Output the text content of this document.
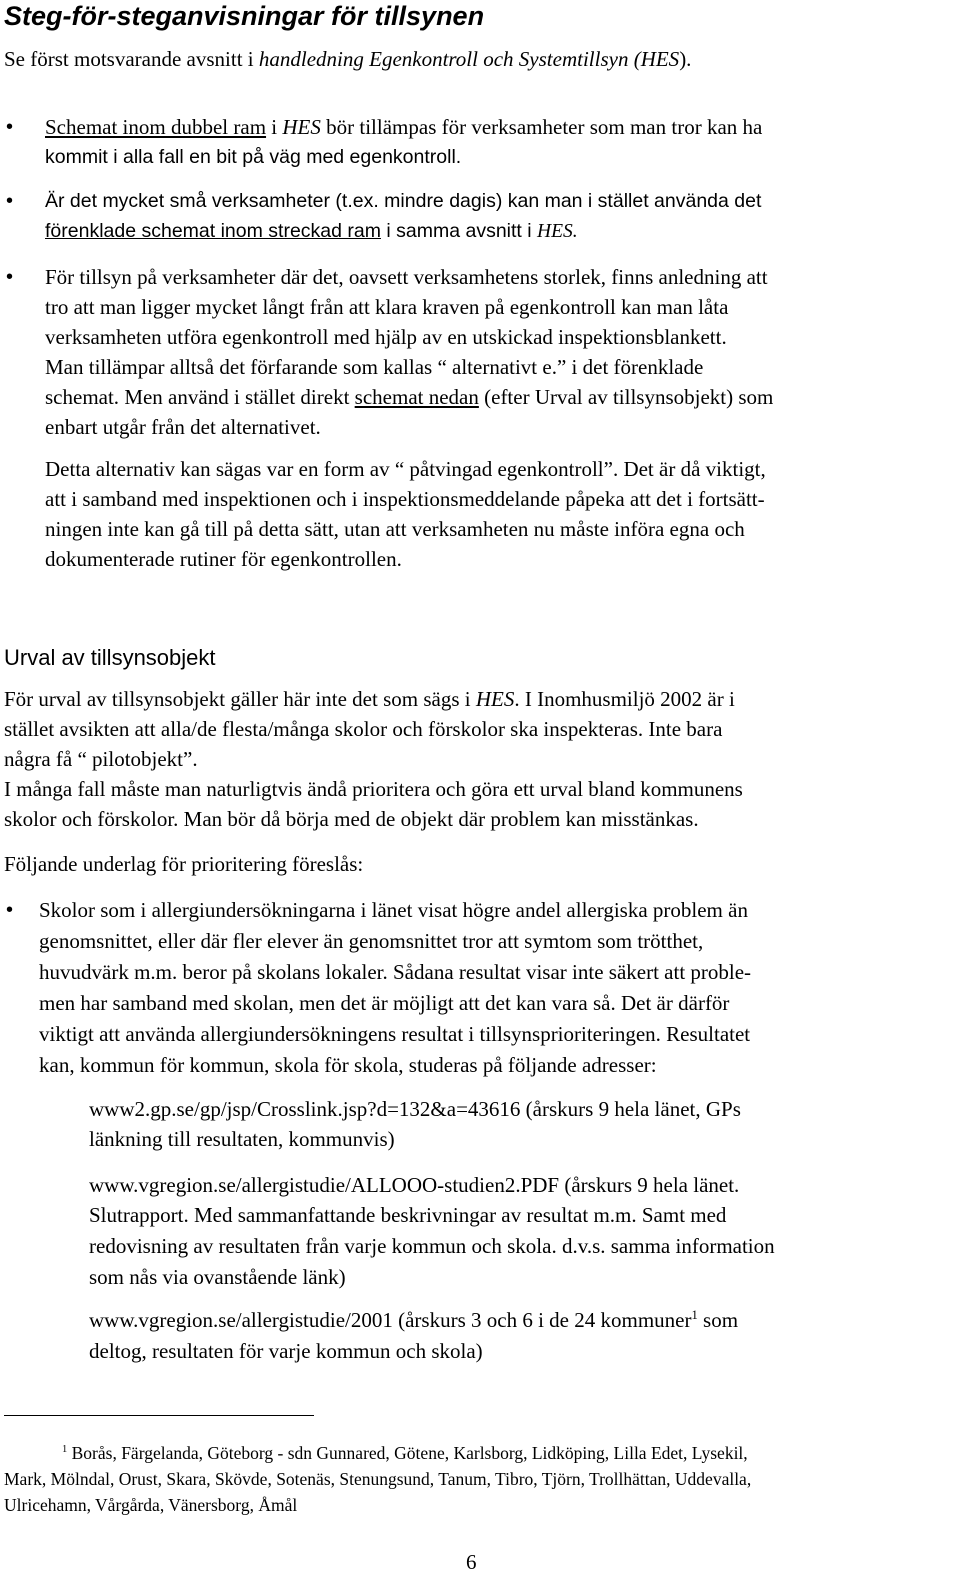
Steg-för-steganvisningar för tillsynen
Se först motsvarande avsnitt i handledning Egenkontroll och Systemtillsyn (HES).
• Schemat inom dubbel ram i HES bör tillämpas för verksamheter som man tror kan ha
kommit i alla fall en bit på väg med egenkontroll.
• Är det mycket små verksamheter (t.ex. mindre dagis) kan man i stället använda det
förenklade schemat inom streckad ram i samma avsnitt i HES.
• För tillsyn på verksamheter där det, oavsett verksamhetens storlek, finns anledning att
tro att man ligger mycket långt från att klara kraven på egenkontroll kan man låta
verksamheten utföra egenkontroll med hjälp av en utskickad inspektionsblankett.
Man tillämpar alltså det förfarande som kallas “ alternativt e.” i det förenklade
schemat. Men använd i stället direkt schemat nedan (efter Urval av tillsynsobjekt) som
enbart utgår från det alternativet.
Detta alternativ kan sägas var en form av “ påtvingad egenkontroll”. Det är då viktigt,
att i samband med inspektionen och i inspektionsmeddelande påpeka att det i fortsätt-
ningen inte kan gå till på detta sätt, utan att verksamheten nu måste införa egna och
dokumenterade rutiner för egenkontrollen.
Urval av tillsynsobjekt
För urval av tillsynsobjekt gäller här inte det som sägs i HES. I Inomhusmiljö 2002 är i
stället avsikten att alla/de flesta/många skolor och förskolor ska inspekteras. Inte bara
några få “ pilotobjekt”.
I många fall måste man naturligtvis ändå prioritera och göra ett urval bland kommunens
skolor och förskolor. Man bör då börja med de objekt där problem kan misstänkas.
Följande underlag för prioritering föreslås:
• Skolor som i allergiundersökningarna i länet visat högre andel allergiska problem än
genomsnittet, eller där fler elever än genomsnittet tror att symtom som trötthet,
huvudvärk m.m. beror på skolans lokaler. Sådana resultat visar inte säkert att proble-
men har samband med skolan, men det är möjligt att det kan vara så. Det är därför
viktigt att använda allergiundersökningens resultat i tillsynsprioriteringen. Resultatet
kan, kommun för kommun, skola för skola, studeras på följande adresser:
www2.gp.se/gp/jsp/Crosslink.jsp?d=132&a=43616 (årskurs 9 hela länet, GPs
länkning till resultaten, kommunvis)
www.vgregion.se/allergistudie/ALLOOO-studien2.PDF (årskurs 9 hela länet.
Slutrapport. Med sammanfattande beskrivningar av resultat m.m. Samt med
redovisning av resultaten från varje kommun och skola. d.v.s. samma information
som nås via ovanstående länk)
www.vgregion.se/allergistudie/2001 (årskurs 3 och 6 i de 24 kommuner$^1$ som
deltog, resultaten för varje kommun och skola)
$^1$ Borås, Färgelanda, Göteborg - sdn Gunnared, Götene, Karlsborg, Lidköping, Lilla Edet, Lysekil,
Mark, Mölndal, Orust, Skara, Skövde, Sotenäs, Stenungsund, Tanum, Tibro, Tjörn, Trollhättan, Uddevalla,
Ulricehamn, Vårgårda, Vänersborg, Åmål
6
